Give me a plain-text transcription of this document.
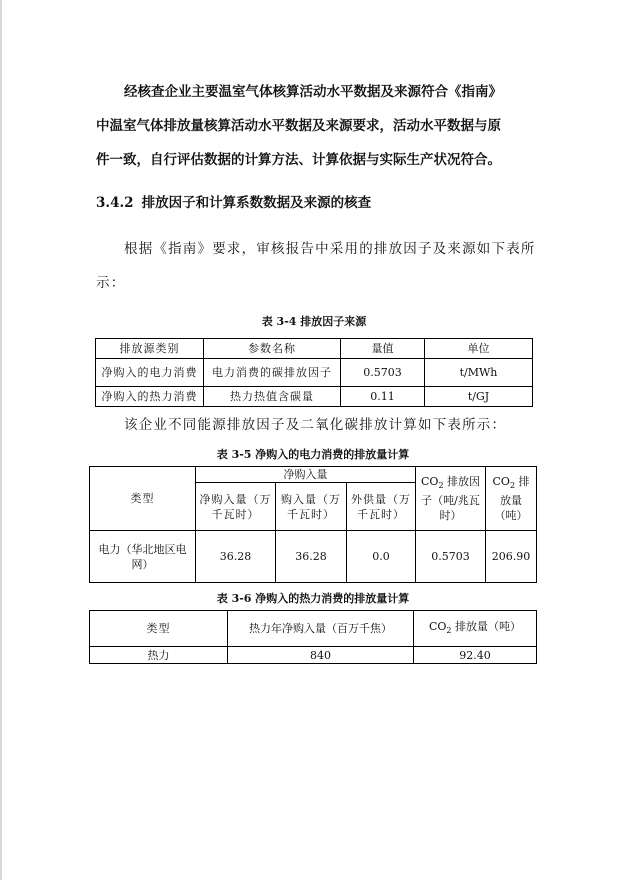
经核查企业主要温室气体核算活动水平数据及来源符合《指南》
中温室气体排放量核算活动水平数据及来源要求，活动水平数据与原
件一致，自行评估数据的计算方法、计算依据与实际生产状况符合。

3.4.2 排放因子和计算系数数据及来源的核查

根据《指南》要求，审核报告中采用的排放因子及来源如下表所
示：

表 3-4 排放因子来源

排放源类别	参数名称	量值	单位
净购入的电力消费	电力消费的碳排放因子	0.5703	t/MWh
净购入的热力消费	热力热值含碳量	0.11	t/GJ

该企业不同能源排放因子及二氧化碳排放计算如下表所示：

表 3-5 净购入的电力消费的排放量计算

类型	净购入量			$CO_2$ 排放因子（吨/兆瓦时）	$CO_2$ 排放量（吨）
	净购入量（万千瓦时）	购入量（万千瓦时）	外供量（万千瓦时）		
电力（华北地区电网）	36.28	36.28	0.0	0.5703	206.90

表 3-6 净购入的热力消费的排放量计算

类型	热力年净购入量（百万千焦）	$CO_2$ 排放量（吨）
热力	840	92.40
